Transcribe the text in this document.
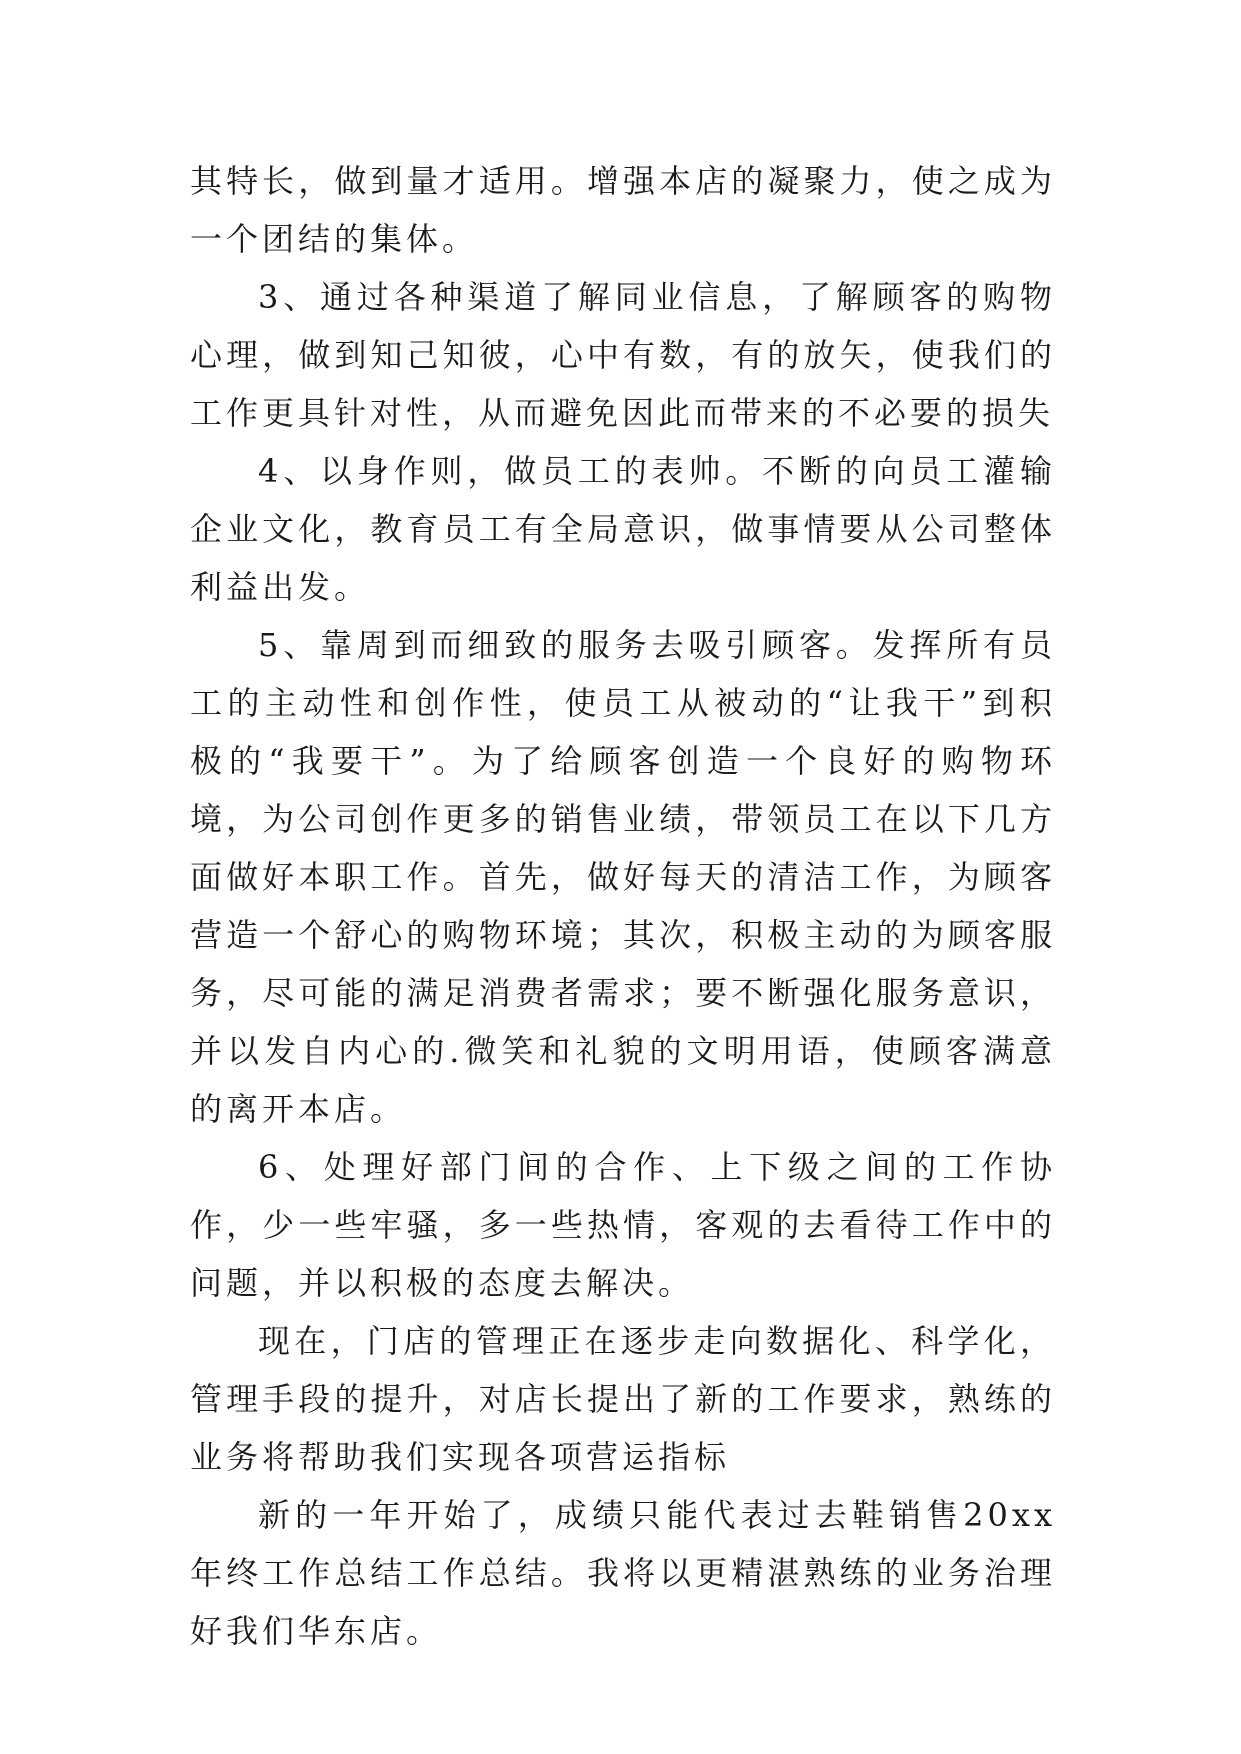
其特长，做到量才适用。增强本店的凝聚力，使之成为一个团结的集体。

3、通过各种渠道了解同业信息，了解顾客的购物心理，做到知己知彼，心中有数，有的放矢，使我们的工作更具针对性，从而避免因此而带来的不必要的损失

4、以身作则，做员工的表帅。不断的向员工灌输企业文化，教育员工有全局意识，做事情要从公司整体利益出发。

5、靠周到而细致的服务去吸引顾客。发挥所有员工的主动性和创作性，使员工从被动的“让我干”到积极的“我要干”。为了给顾客创造一个良好的购物环境，为公司创作更多的销售业绩，带领员工在以下几方面做好本职工作。首先，做好每天的清洁工作，为顾客营造一个舒心的购物环境；其次，积极主动的为顾客服务，尽可能的满足消费者需求；要不断强化服务意识，并以发自内心的.微笑和礼貌的文明用语，使顾客满意的离开本店。

6、处理好部门间的合作、上下级之间的工作协作，少一些牢骚，多一些热情，客观的去看待工作中的问题，并以积极的态度去解决。

现在，门店的管理正在逐步走向数据化、科学化，管理手段的提升，对店长提出了新的工作要求，熟练的业务将帮助我们实现各项营运指标

新的一年开始了，成绩只能代表过去鞋销售20xx年终工作总结工作总结。我将以更精湛熟练的业务治理好我们华东店。
